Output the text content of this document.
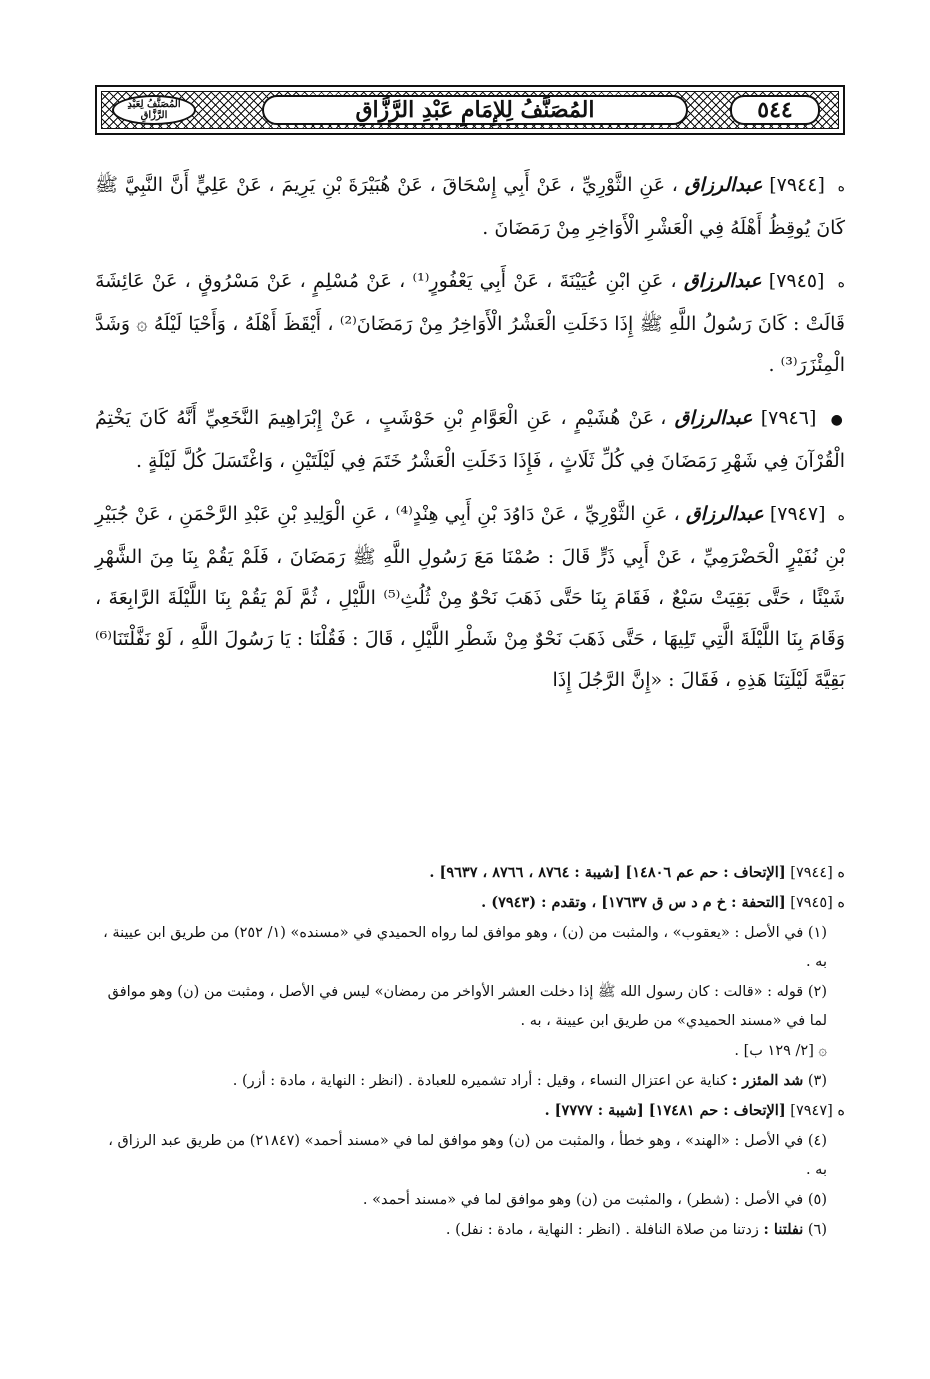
المُصَنَّفُ لِعَبْدِ الرَّزَّاقِ	المُصَنَّفُ لِلإِمَامِ عَبْدِ الرَّزَّاقِ	٥٤٤

ه [٧٩٤٤] عبدالرزاق ، عَنِ الثَّوْرِيِّ ، عَنْ أَبِي إِسْحَاقَ ، عَنْ هُبَيْرَةَ بْنِ يَرِيمَ ، عَنْ عَلِيٍّ أَنَّ النَّبِيَّ ﷺ كَانَ يُوقِظُ أَهْلَهُ فِي الْعَشْرِ الْأَوَاخِرِ مِنْ رَمَضَانَ .

ه [٧٩٤٥] عبدالرزاق ، عَنِ ابْنِ عُيَيْنَةَ ، عَنْ أَبِي يَعْفُورٍ⁽¹⁾ ، عَنْ مُسْلِمٍ ، عَنْ مَسْرُوقٍ ، عَنْ عَائِشَةَ قَالَتْ : كَانَ رَسُولُ اللَّهِ ﷺ إِذَا دَخَلَتِ الْعَشْرُ الْأَوَاخِرُ مِنْ رَمَضَانَ⁽²⁾ ، أَيْقَظَ أَهْلَهُ ، وَأَحْيَا لَيْلَهُ ۞ وَشَدَّ الْمِئْزَرَ⁽³⁾ .

● [٧٩٤٦] عبدالرزاق ، عَنْ هُشَيْمٍ ، عَنِ الْعَوَّامِ بْنِ حَوْشَبٍ ، عَنْ إِبْرَاهِيمَ النَّخَعِيِّ أَنَّهُ كَانَ يَخْتِمُ الْقُرْآنَ فِي شَهْرِ رَمَضَانَ فِي كُلِّ ثَلَاثٍ ، فَإِذَا دَخَلَتِ الْعَشْرُ خَتَمَ فِي لَيْلَتَيْنِ ، وَاغْتَسَلَ كُلَّ لَيْلَةٍ .

ه [٧٩٤٧] عبدالرزاق ، عَنِ الثَّوْرِيِّ ، عَنْ دَاوُدَ بْنِ أَبِي هِنْدٍ⁽⁴⁾ ، عَنِ الْوَلِيدِ بْنِ عَبْدِ الرَّحْمَنِ ، عَنْ جُبَيْرِ بْنِ نُفَيْرٍ الْحَضْرَمِيِّ ، عَنْ أَبِي ذَرٍّ قَالَ : صُمْنَا مَعَ رَسُولِ اللَّهِ ﷺ رَمَضَانَ ، فَلَمْ يَقُمْ بِنَا مِنَ الشَّهْرِ شَيْئًا ، حَتَّى بَقِيَتْ سَبْعٌ ، فَقَامَ بِنَا حَتَّى ذَهَبَ نَحْوٌ مِنْ ثُلُثِ⁽⁵⁾ اللَّيْلِ ، ثُمَّ لَمْ يَقُمْ بِنَا اللَّيْلَةَ الرَّابِعَةَ ، وَقَامَ بِنَا اللَّيْلَةَ الَّتِي تَلِيهَا ، حَتَّى ذَهَبَ نَحْوٌ مِنْ شَطْرِ اللَّيْلِ ، قَالَ : فَقُلْنَا : يَا رَسُولَ اللَّهِ ، لَوْ نَفَّلْتَنَا⁽⁶⁾ بَقِيَّةَ لَيْلَتِنَا هَذِهِ ، فَقَالَ : «إِنَّ الرَّجُلَ إِذَا

ه [٧٩٤٤] [الإتحاف : حم عم ١٤٨٠٦] [شيبة : ٨٧٦٤ ، ٨٧٦٦ ، ٩٦٣٧] .

ه [٧٩٤٥] [التحفة : خ م د س ق ١٧٦٣٧] ، وتقدم : (٧٩٤٣) .

(١) في الأصل : «يعقوب» ، والمثبت من (ن) ، وهو موافق لما رواه الحميدي في «مسنده» (١/ ٢٥٢) من طريق ابن عيينة ، به .

(٢) قوله : «قالت : كان رسول الله ﷺ إذا دخلت العشر الأواخر من رمضان» ليس في الأصل ، ومثبت من (ن) وهو موافق لما في «مسند الحميدي» من طريق ابن عيينة ، به .

۞ [٢/ ١٢٩ ب] .

(٣) شد المئزر : كناية عن اعتزال النساء ، وقيل : أراد تشميره للعبادة . (انظر : النهاية ، مادة : أزر) .

ه [٧٩٤٧] [الإتحاف : حم ١٧٤٨١] [شيبة : ٧٧٧٧] .

(٤) في الأصل : «الهند» ، وهو خطأ ، والمثبت من (ن) وهو موافق لما في «مسند أحمد» (٢١٨٤٧) من طريق عبد الرزاق ، به .

(٥) في الأصل : (شطر) ، والمثبت من (ن) وهو موافق لما في «مسند أحمد» .

(٦) نفلتنا : زدتنا من صلاة النافلة . (انظر : النهاية ، مادة : نفل) .
